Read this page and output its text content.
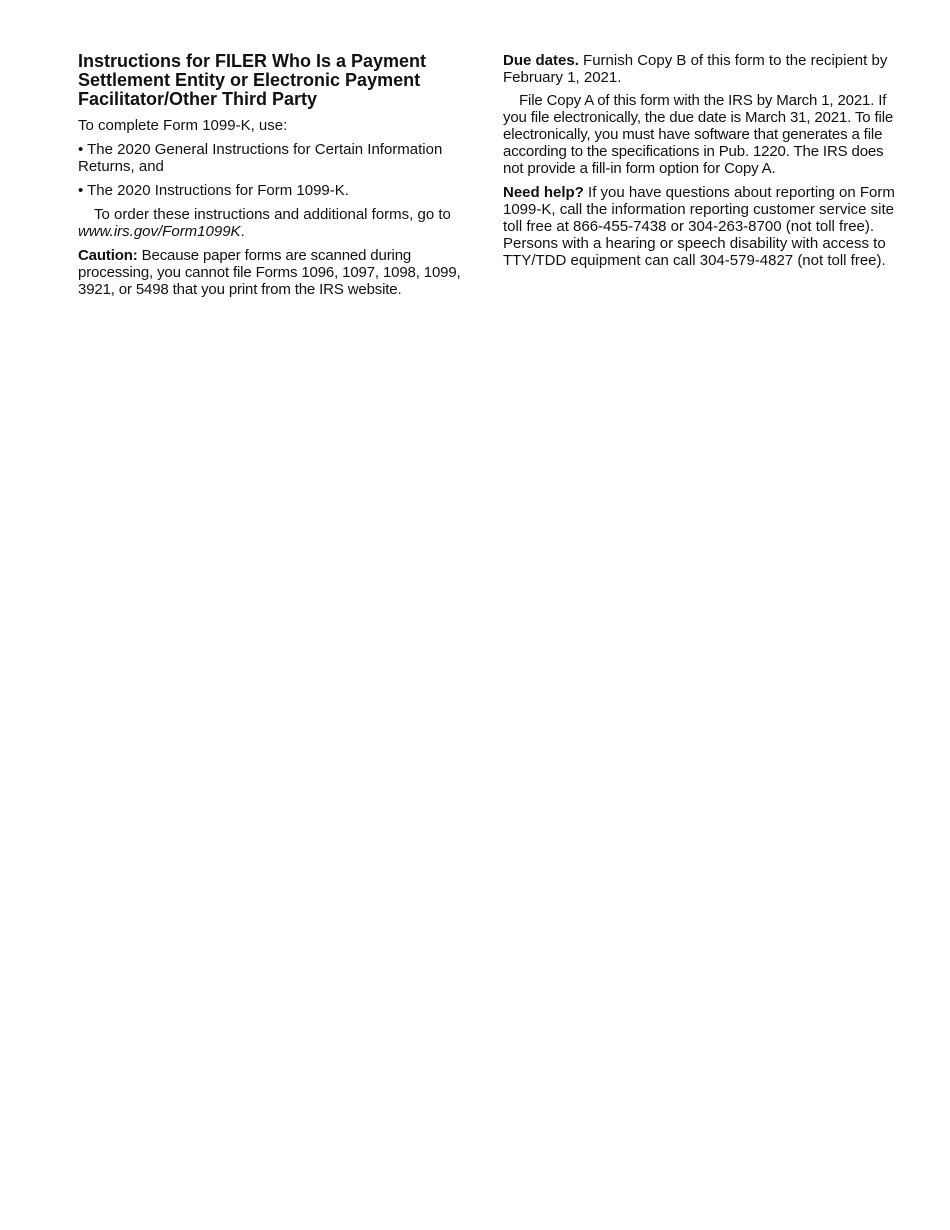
Instructions for FILER Who Is a Payment Settlement Entity or Electronic Payment Facilitator/Other Third Party

To complete Form 1099-K, use:

• The 2020 General Instructions for Certain Information Returns, and

• The 2020 Instructions for Form 1099-K.

To order these instructions and additional forms, go to www.irs.gov/Form1099K.

Caution: Because paper forms are scanned during processing, you cannot file Forms 1096, 1097, 1098, 1099, 3921, or 5498 that you print from the IRS website.

Due dates. Furnish Copy B of this form to the recipient by February 1, 2021.

File Copy A of this form with the IRS by March 1, 2021. If you file electronically, the due date is March 31, 2021. To file electronically, you must have software that generates a file according to the specifications in Pub. 1220. The IRS does not provide a fill-in form option for Copy A.

Need help? If you have questions about reporting on Form 1099-K, call the information reporting customer service site toll free at 866-455-7438 or 304-263-8700 (not toll free). Persons with a hearing or speech disability with access to TTY/TDD equipment can call 304-579-4827 (not toll free).
